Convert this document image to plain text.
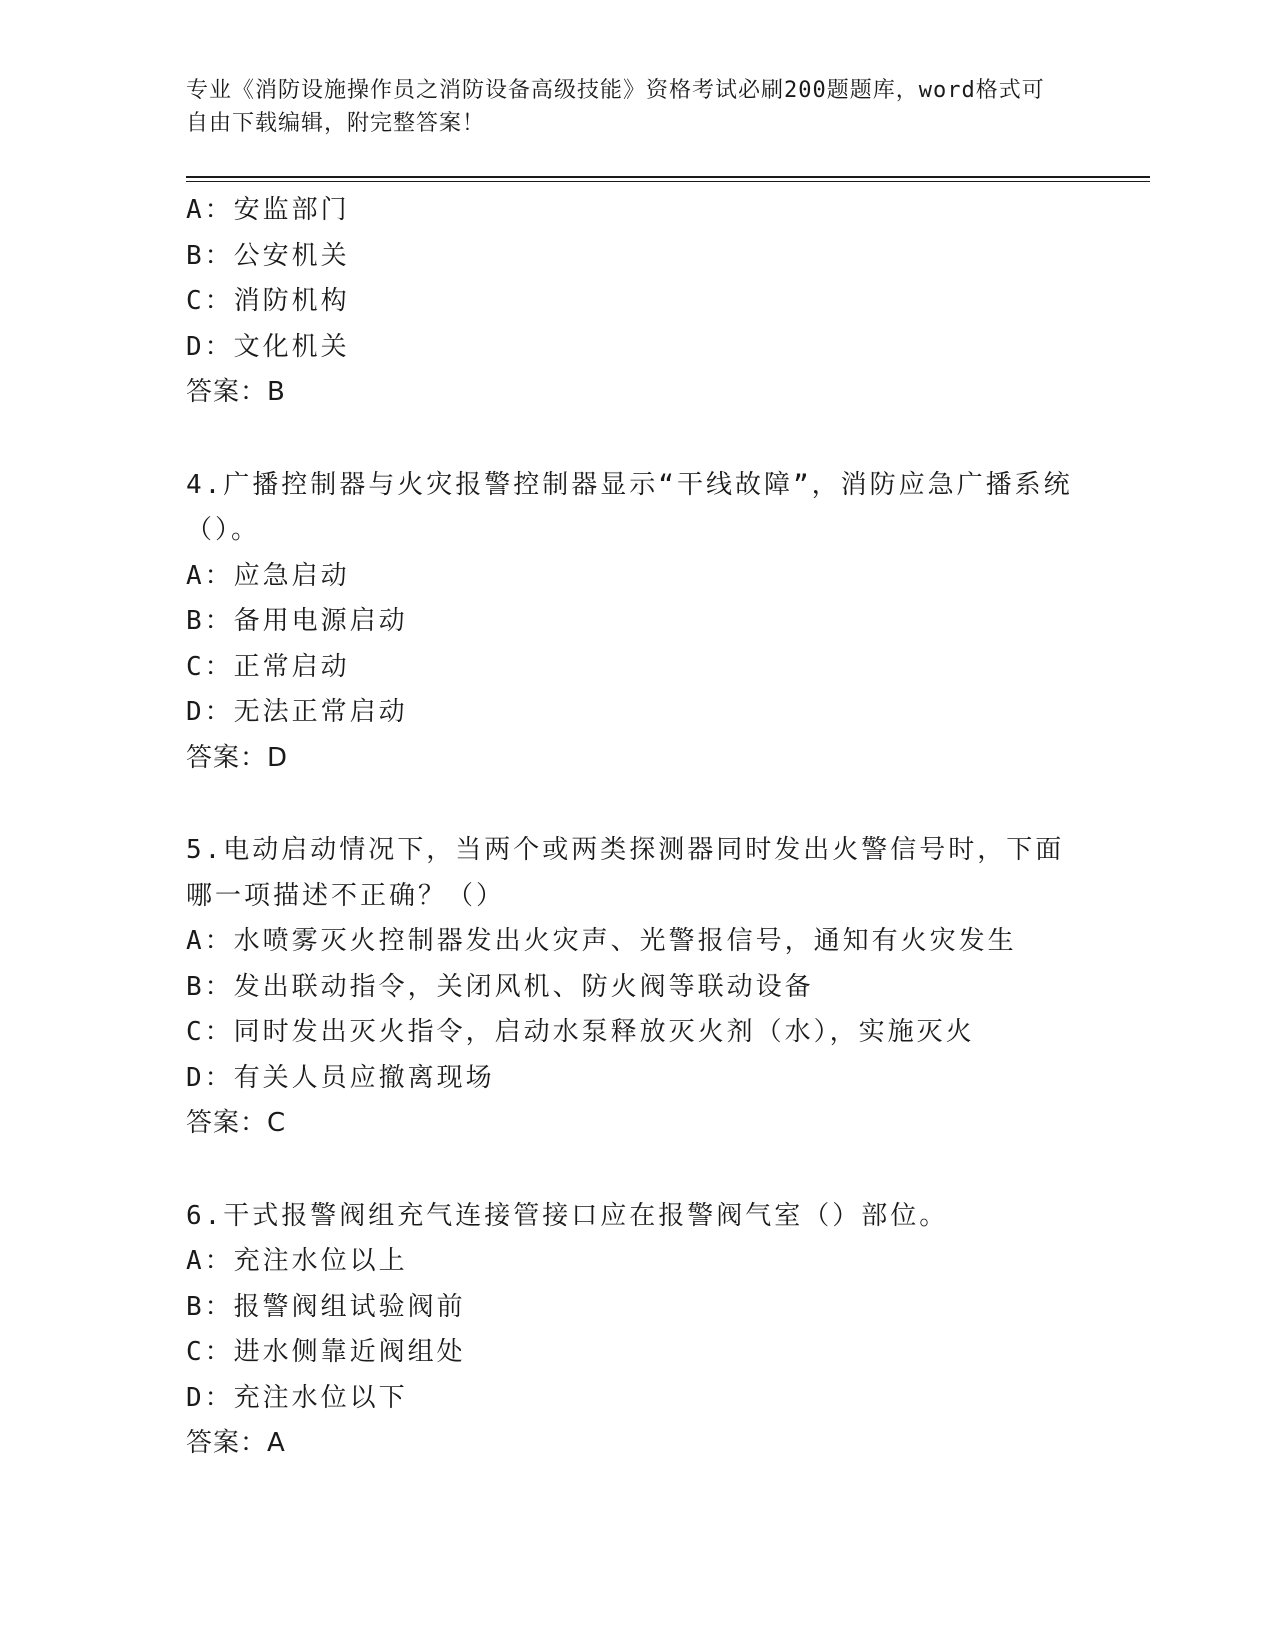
专业《消防设施操作员之消防设备高级技能》资格考试必刷200题题库，word格式可自由下载编辑，附完整答案！
A：安监部门
B：公安机关
C：消防机构
D：文化机关
答案：B
4.广播控制器与火灾报警控制器显示“干线故障”，消防应急广播系统（）。
A：应急启动
B：备用电源启动
C：正常启动
D：无法正常启动
答案：D
5.电动启动情况下，当两个或两类探测器同时发出火警信号时，下面哪一项描述不正确？（）
A：水喷雾灭火控制器发出火灾声、光警报信号，通知有火灾发生
B：发出联动指令，关闭风机、防火阀等联动设备
C：同时发出灭火指令，启动水泵释放灭火剂（水），实施灭火
D：有关人员应撤离现场
答案：C
6.干式报警阀组充气连接管接口应在报警阀气室（）部位。
A：充注水位以上
B：报警阀组试验阀前
C：进水侧靠近阀组处
D：充注水位以下
答案：A
